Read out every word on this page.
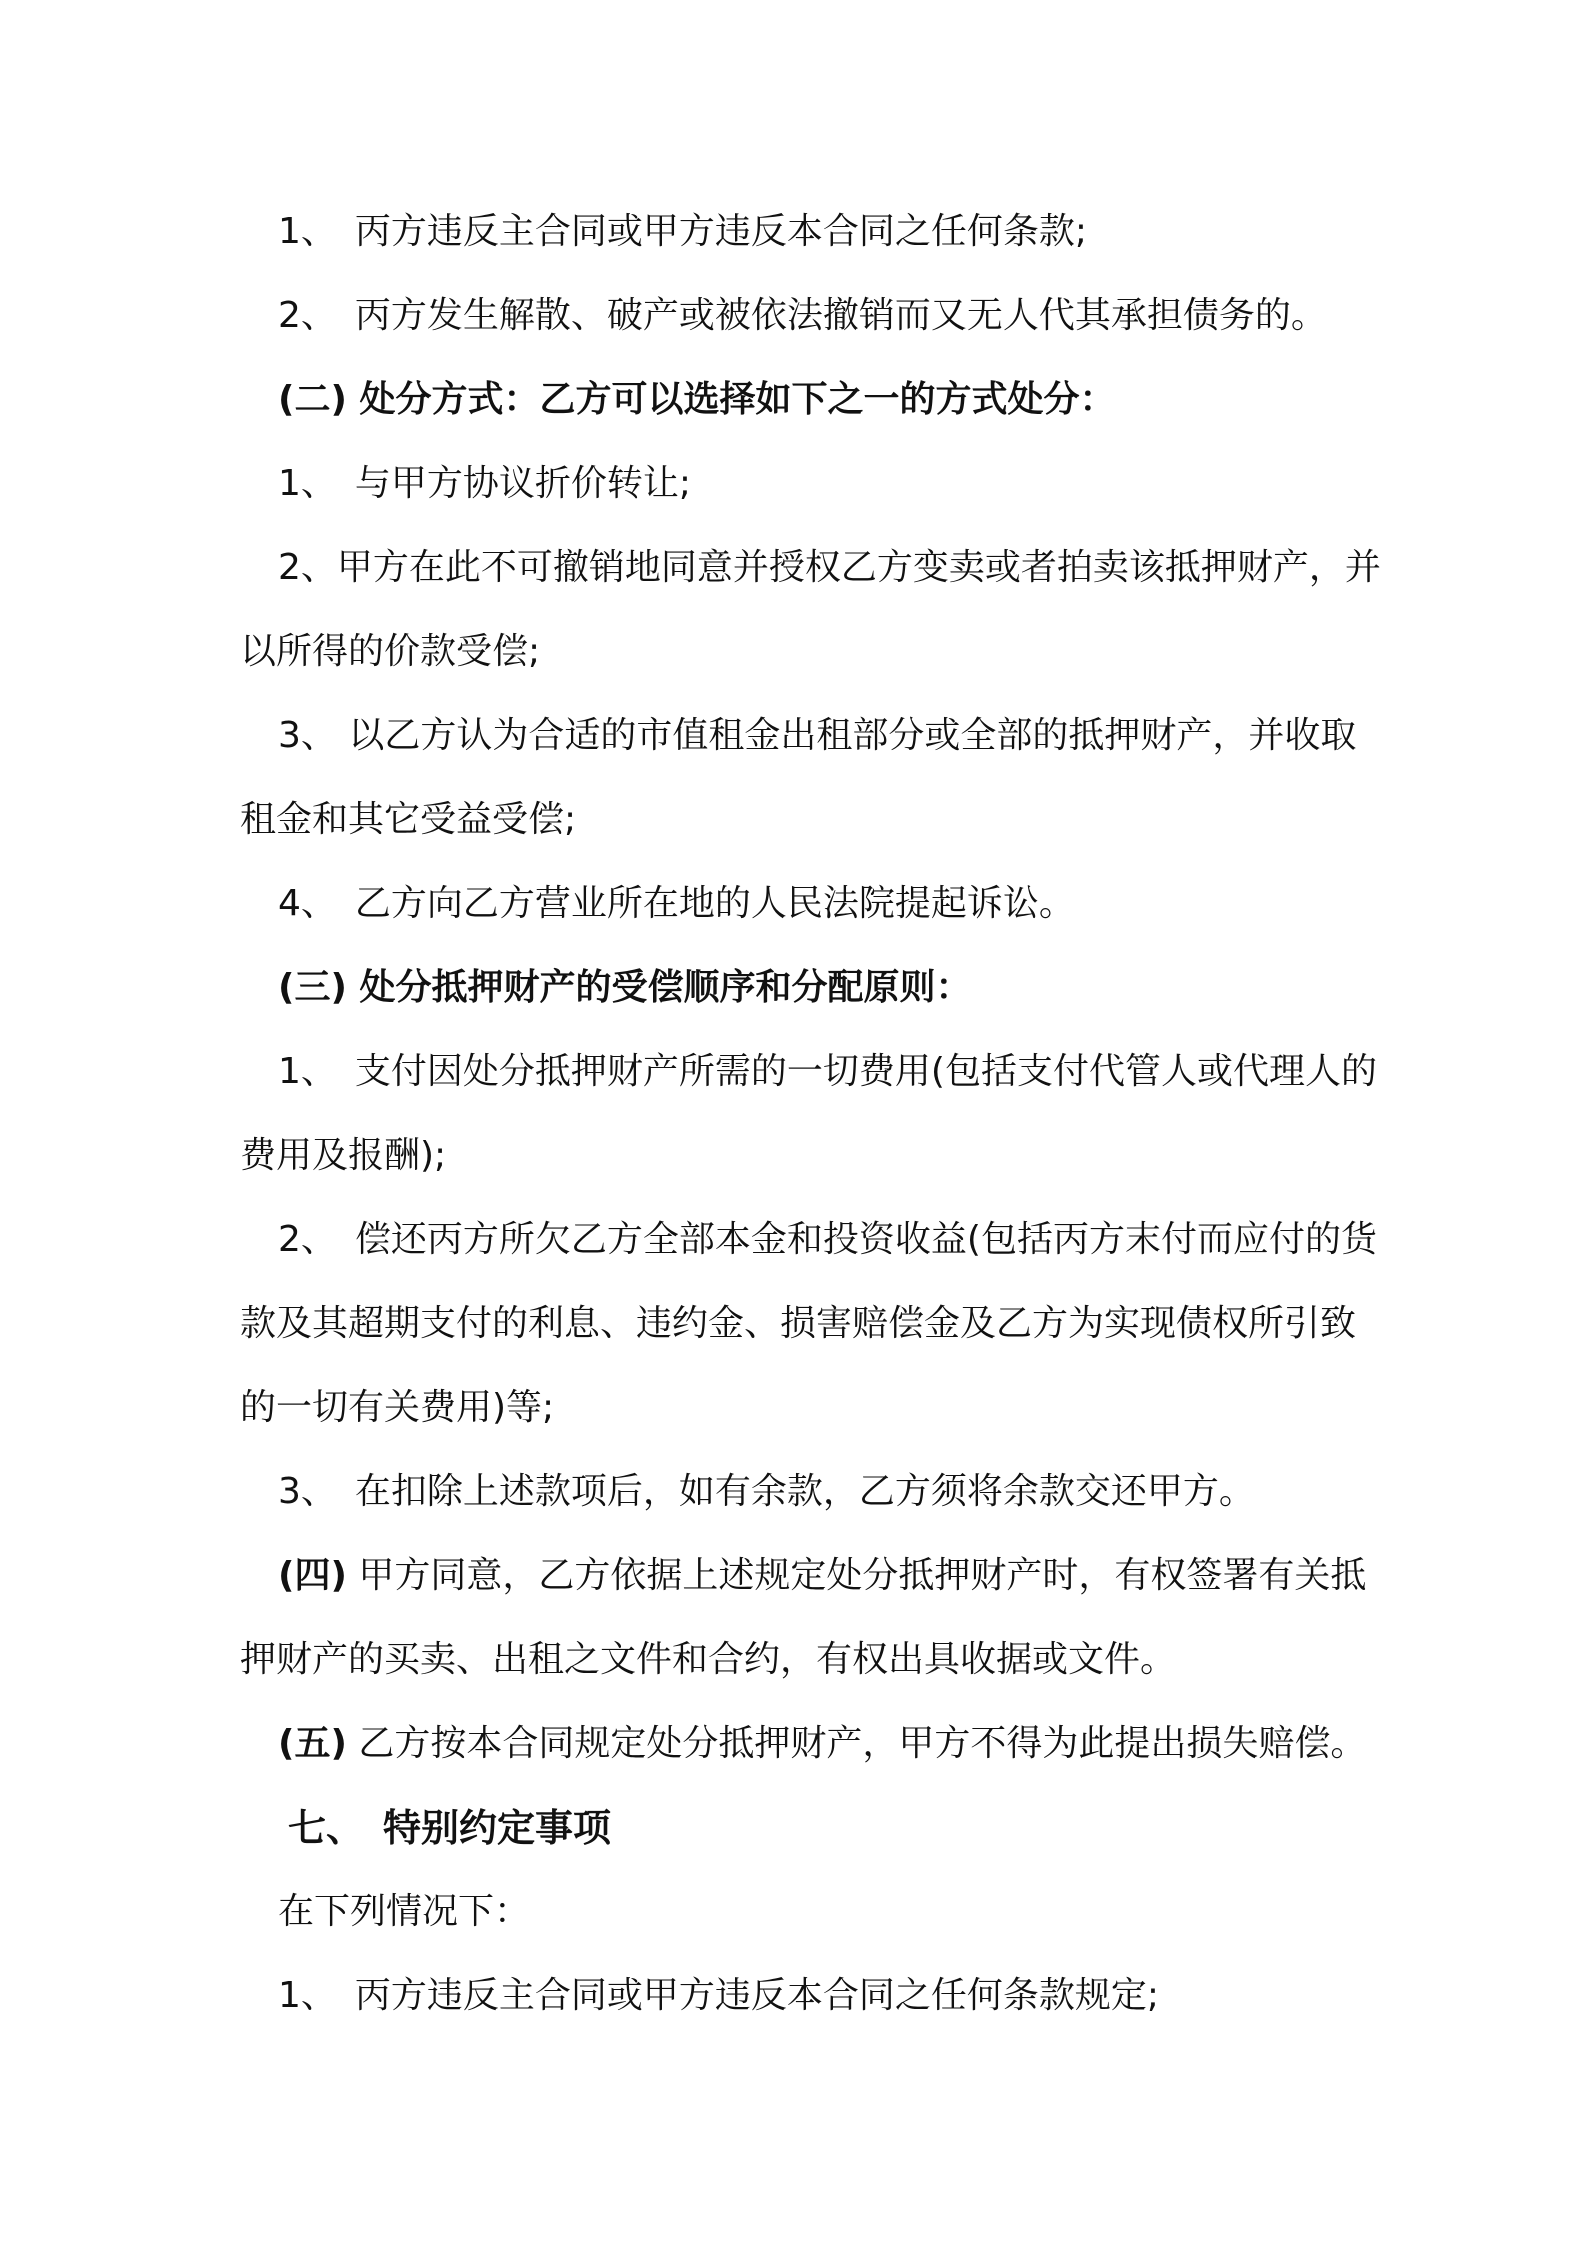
1、　丙方违反主合同或甲方违反本合同之任何条款;

2、　丙方发生解散、破产或被依法撤销而又无人代其承担债务的。

(二) 处分方式：乙方可以选择如下之一的方式处分：

1、　与甲方协议折价转让;

2、甲方在此不可撤销地同意并授权乙方变卖或者拍卖该抵押财产，并以所得的价款受偿;

3、 以乙方认为合适的市值租金出租部分或全部的抵押财产，并收取租金和其它受益受偿;

4、　乙方向乙方营业所在地的人民法院提起诉讼。

(三) 处分抵押财产的受偿顺序和分配原则：

1、　支付因处分抵押财产所需的一切费用(包括支付代管人或代理人的费用及报酬);

2、　偿还丙方所欠乙方全部本金和投资收益(包括丙方末付而应付的货款及其超期支付的利息、违约金、损害赔偿金及乙方为实现债权所引致的一切有关费用)等;

3、　在扣除上述款项后，如有余款，乙方须将余款交还甲方。

(四) 甲方同意，乙方依据上述规定处分抵押财产时，有权签署有关抵押财产的买卖、出租之文件和合约，有权出具收据或文件。

(五) 乙方按本合同规定处分抵押财产，甲方不得为此提出损失赔偿。

七、　 特别约定事项

在下列情况下：

1、　丙方违反主合同或甲方违反本合同之任何条款规定;
